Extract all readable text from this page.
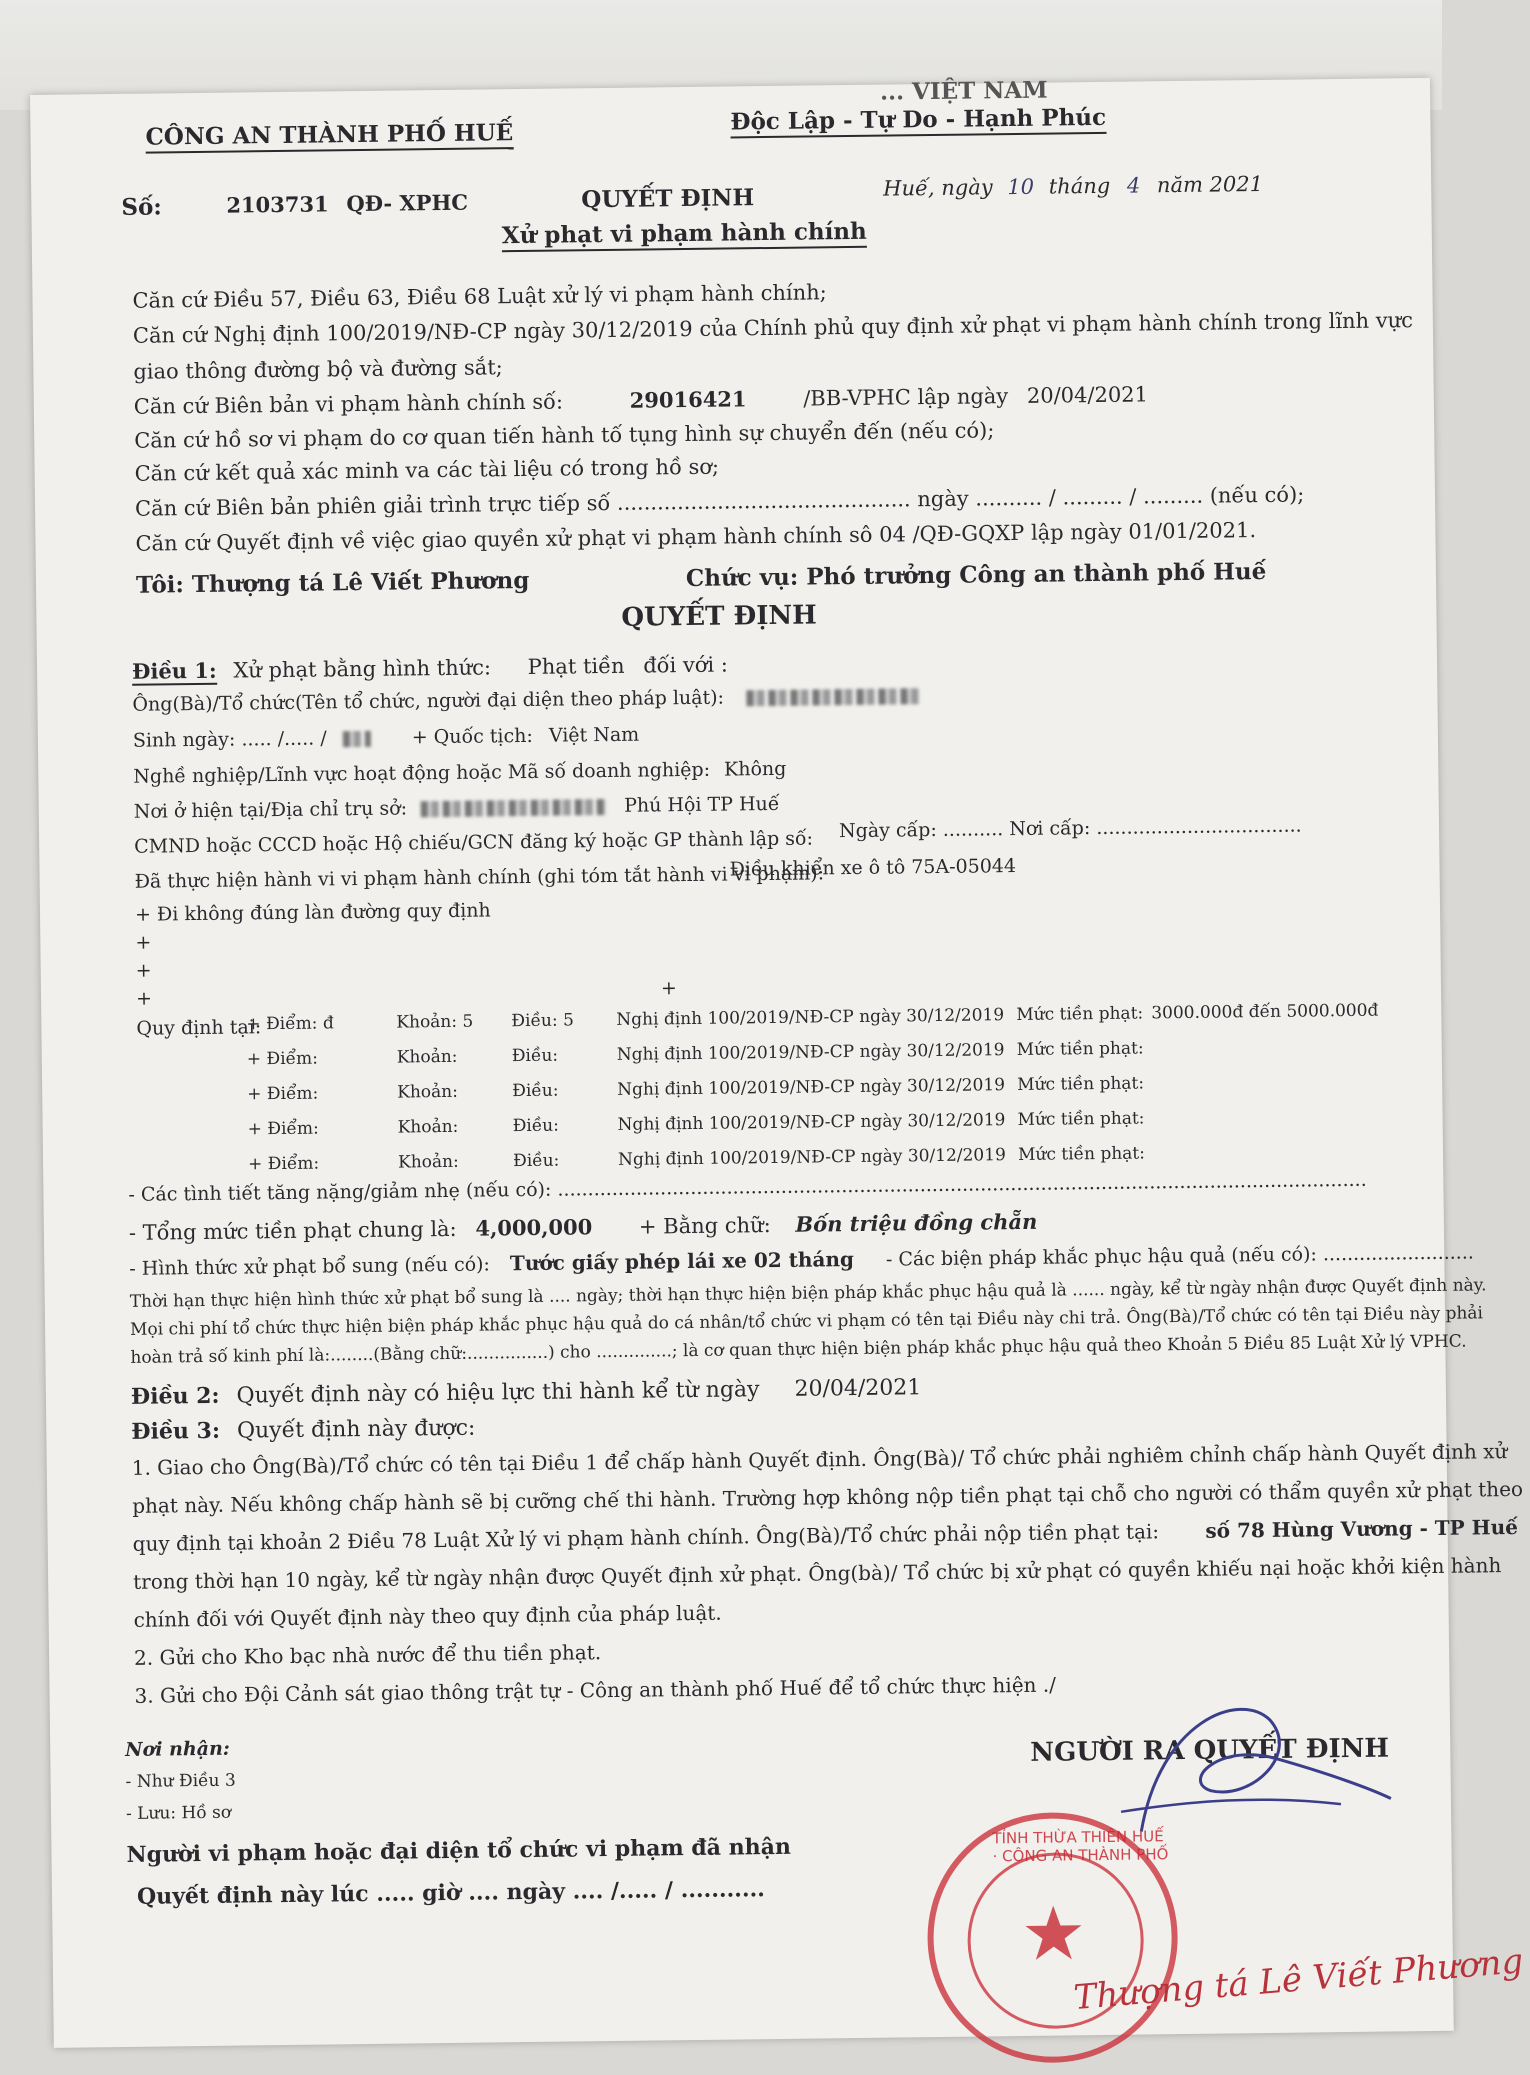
CÔNG AN THÀNH PHỐ HUẾ
... VIỆT NAM
Độc Lập - Tự Do - Hạnh Phúc
Số:	2103731 QĐ- XPHC	QUYẾT ĐỊNH	Huế, ngày 10 tháng 4 năm 2021
Xử phạt vi phạm hành chính
Căn cứ Điều 57, Điều 63, Điều 68 Luật xử lý vi phạm hành chính;
Căn cứ Nghị định 100/2019/NĐ-CP ngày 30/12/2019 của Chính phủ quy định xử phạt vi phạm hành chính trong lĩnh vực
giao thông đường bộ và đường sắt;
Căn cứ Biên bản vi phạm hành chính số:	29016421	/BB-VPHC lập ngày 20/04/2021
Căn cứ hồ sơ vi phạm do cơ quan tiến hành tố tụng hình sự chuyển đến (nếu có);
Căn cứ kết quả xác minh va các tài liệu có trong hồ sơ;
Căn cứ Biên bản phiên giải trình trực tiếp số ............................................ ngày .......... / ......... / ......... (nếu có);
Căn cứ Quyết định về việc giao quyền xử phạt vi phạm hành chính sô 04 /QĐ-GQXP lập ngày 01/01/2021.
Tôi: Thượng tá Lê Viết Phương	Chức vụ: Phó trưởng Công an thành phố Huế
QUYẾT ĐỊNH
Điều 1: Xử phạt bằng hình thức: Phạt tiền đối với :
Ông(Bà)/Tổ chức(Tên tổ chức, người đại diện theo pháp luật):
Sinh ngày: ..... /..... /	+ Quốc tịch: Việt Nam
Nghề nghiệp/Lĩnh vực hoạt động hoặc Mã số doanh nghiệp: Không
Nơi ở hiện tại/Địa chỉ trụ sở:	Phú Hội TP Huế
CMND hoặc CCCD hoặc Hộ chiếu/GCN đăng ký hoặc GP thành lập số: Ngày cấp: .......... Nơi cấp: ..................................
Đã thực hiện hành vi vi phạm hành chính (ghi tóm tắt hành vi vi phạm):
Điều khiển xe ô tô 75A-05044
+ Đi không đúng làn đường quy định
+
+
+	+
Quy định tại:
+ Điểm: đ	Khoản: 5 Điều: 5 Nghị định 100/2019/NĐ-CP ngày 30/12/2019 Mức tiền phạt: 3000.000đ đến 5000.000đ
+ Điểm:	Khoản:	Điều:	Nghị định 100/2019/NĐ-CP ngày 30/12/2019 Mức tiền phạt:
+ Điểm:	Khoản:	Điều:	Nghị định 100/2019/NĐ-CP ngày 30/12/2019 Mức tiền phạt:
+ Điểm:	Khoản:	Điều:	Nghị định 100/2019/NĐ-CP ngày 30/12/2019 Mức tiền phạt:
+ Điểm:	Khoản:	Điều:	Nghị định 100/2019/NĐ-CP ngày 30/12/2019 Mức tiền phạt:
- Các tình tiết tăng nặng/giảm nhẹ (nếu có): ......................................................................................................................................
- Tổng mức tiền phạt chung là: 4,000,000 + Bằng chữ: Bốn triệu đồng chẵn
- Hình thức xử phạt bổ sung (nếu có): Tước giấy phép lái xe 02 tháng - Các biện pháp khắc phục hậu quả (nếu có): .........................
Thời hạn thực hiện hình thức xử phạt bổ sung là .... ngày; thời hạn thực hiện biện pháp khắc phục hậu quả là ...... ngày, kể từ ngày nhận được Quyết định này.
Mọi chi phí tổ chức thực hiện biện pháp khắc phục hậu quả do cá nhân/tổ chức vi phạm có tên tại Điều này chi trả. Ông(Bà)/Tổ chức có tên tại Điều này phải
hoàn trả số kinh phí là:........(Bằng chữ:...............) cho ..............; là cơ quan thực hiện biện pháp khắc phục hậu quả theo Khoản 5 Điều 85 Luật Xử lý VPHC.
Điều 2: Quyết định này có hiệu lực thi hành kể từ ngày 20/04/2021
Điều 3: Quyết định này được:
1. Giao cho Ông(Bà)/Tổ chức có tên tại Điều 1 để chấp hành Quyết định. Ông(Bà)/ Tổ chức phải nghiêm chỉnh chấp hành Quyết định xử
phạt này. Nếu không chấp hành sẽ bị cưỡng chế thi hành. Trường hợp không nộp tiền phạt tại chỗ cho người có thẩm quyền xử phạt theo
quy định tại khoản 2 Điều 78 Luật Xử lý vi phạm hành chính. Ông(Bà)/Tổ chức phải nộp tiền phạt tại: số 78 Hùng Vương - TP Huế
trong thời hạn 10 ngày, kể từ ngày nhận được Quyết định xử phạt. Ông(bà)/ Tổ chức bị xử phạt có quyền khiếu nại hoặc khởi kiện hành
chính đối với Quyết định này theo quy định của pháp luật.
2. Gửi cho Kho bạc nhà nước để thu tiền phạt.
3. Gửi cho Đội Cảnh sát giao thông trật tự - Công an thành phố Huế để tổ chức thực hiện ./
Nơi nhận:
- Như Điều 3
- Lưu: Hồ sơ
Người vi phạm hoặc đại diện tổ chức vi phạm đã nhận
Quyết định này lúc ..... giờ .... ngày .... /..... / ...........
NGƯỜI RA QUYẾT ĐỊNH
TỈNH THỪA THIÊN HUẾ · CÔNG AN THÀNH PHỐ
Thượng tá Lê Viết Phương
